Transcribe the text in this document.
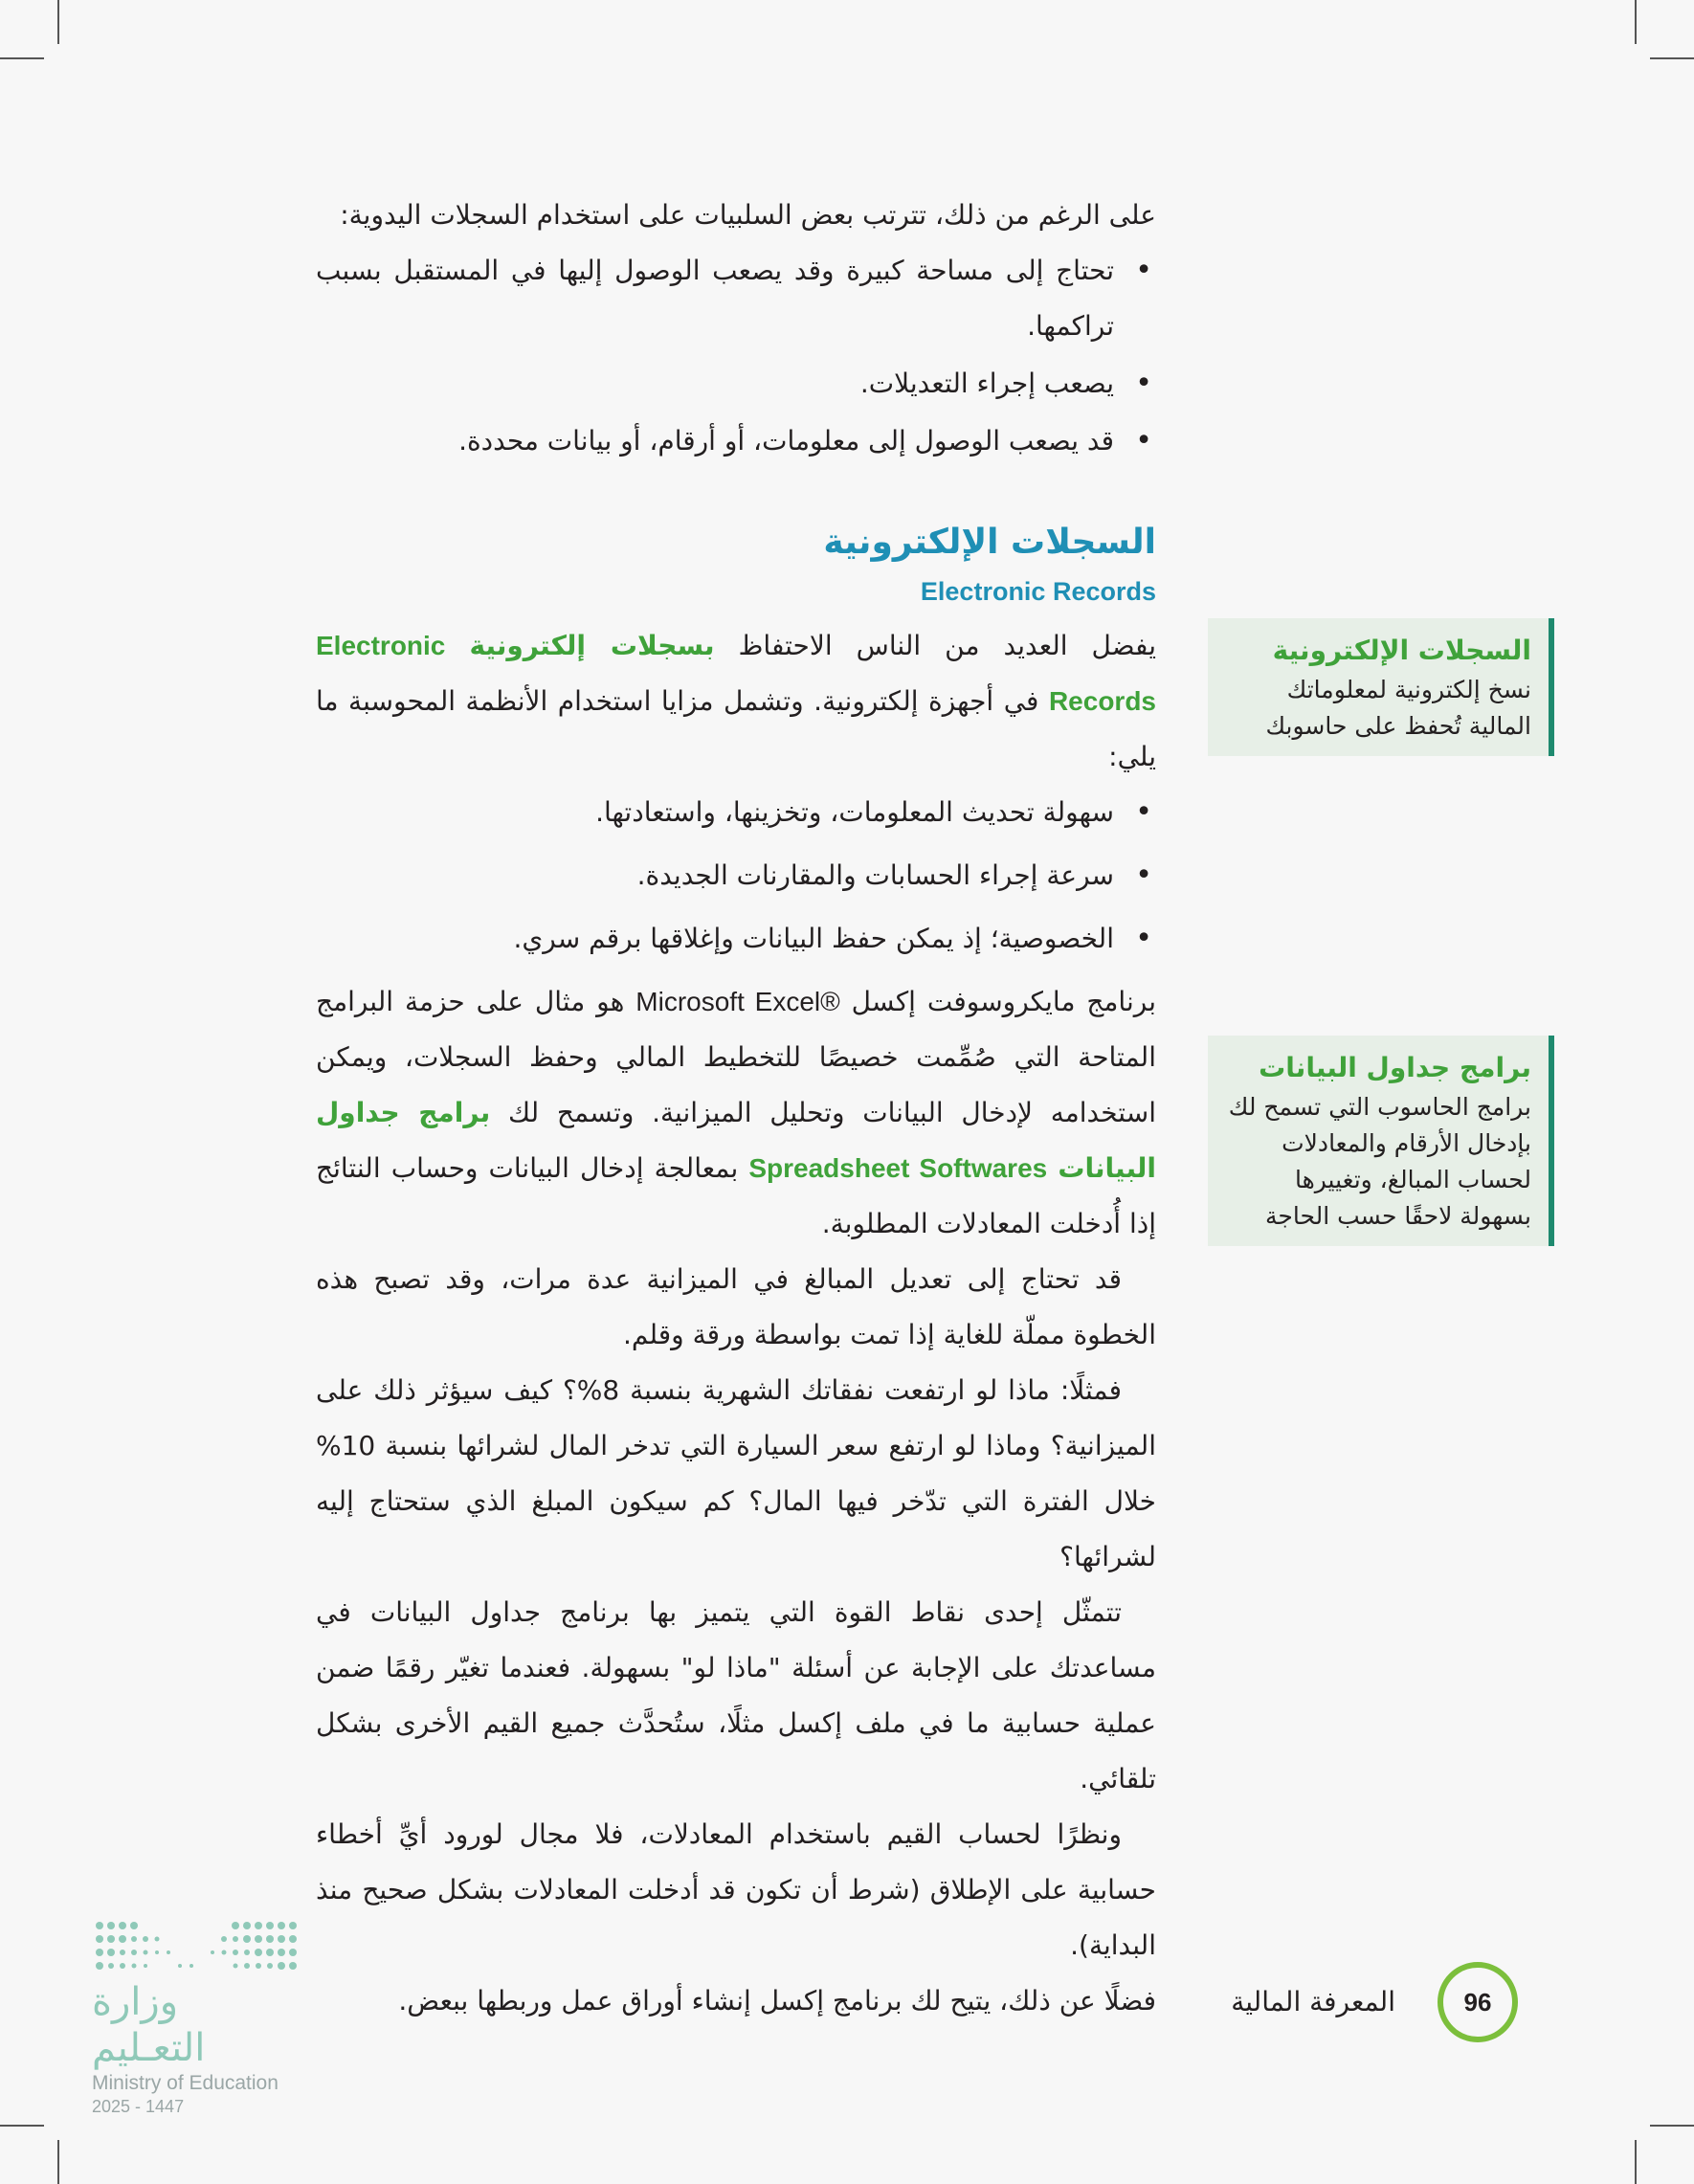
على الرغم من ذلك، تترتب بعض السلبيات على استخدام السجلات اليدوية:

• تحتاج إلى مساحة كبيرة وقد يصعب الوصول إليها في المستقبل بسبب تراكمها.
• يصعب إجراء التعديلات.
• قد يصعب الوصول إلى معلومات، أو أرقام، أو بيانات محددة.
السجلات الإلكترونية
Electronic Records

يفضل العديد من الناس الاحتفاظ بسجلات إلكترونية Electronic Records في أجهزة إلكترونية. وتشمل مزايا استخدام الأنظمة المحوسبة ما يلي:

• سهولة تحديث المعلومات، وتخزينها، واستعادتها.
• سرعة إجراء الحسابات والمقارنات الجديدة.
• الخصوصية؛ إذ يمكن حفظ البيانات وإغلاقها برقم سري.

برنامج مايكروسوفت إكسل Microsoft Excel® هو مثال على حزمة البرامج المتاحة التي صُمِّمت خصيصًا للتخطيط المالي وحفظ السجلات، ويمكن استخدامه لإدخال البيانات وتحليل الميزانية. وتسمح لك برامج جداول البيانات Spreadsheet Softwares بمعالجة إدخال البيانات وحساب النتائج إذا أُدخلت المعادلات المطلوبة.

قد تحتاج إلى تعديل المبالغ في الميزانية عدة مرات، وقد تصبح هذه الخطوة مملّة للغاية إذا تمت بواسطة ورقة وقلم.

فمثلًا: ماذا لو ارتفعت نفقاتك الشهرية بنسبة 8%؟ كيف سيؤثر ذلك على الميزانية؟ وماذا لو ارتفع سعر السيارة التي تدخر المال لشرائها بنسبة 10% خلال الفترة التي تدّخر فيها المال؟ كم سيكون المبلغ الذي ستحتاج إليه لشرائها؟

تتمثّل إحدى نقاط القوة التي يتميز بها برنامج جداول البيانات في مساعدتك على الإجابة عن أسئلة "ماذا لو" بسهولة. فعندما تغيّر رقمًا ضمن عملية حسابية ما في ملف إكسل مثلًا، ستُحدَّث جميع القيم الأخرى بشكل تلقائي.

ونظرًا لحساب القيم باستخدام المعادلات، فلا مجال لورود أيِّ أخطاء حسابية على الإطلاق (شرط أن تكون قد أدخلت المعادلات بشكل صحيح منذ البداية).

فضلًا عن ذلك، يتيح لك برنامج إكسل إنشاء أوراق عمل وربطها ببعض.

السجلات الإلكترونية
نسخ إلكترونية لمعلوماتك المالية تُحفظ على حاسوبك
برامج جداول البيانات
برامج الحاسوب التي تسمح لك بإدخال الأرقام والمعادلات لحساب المبالغ، وتغييرها بسهولة لاحقًا حسب الحاجة
المعرفة المالية	96
وزارة التعـليم
Ministry of Education
2025 - 1447
